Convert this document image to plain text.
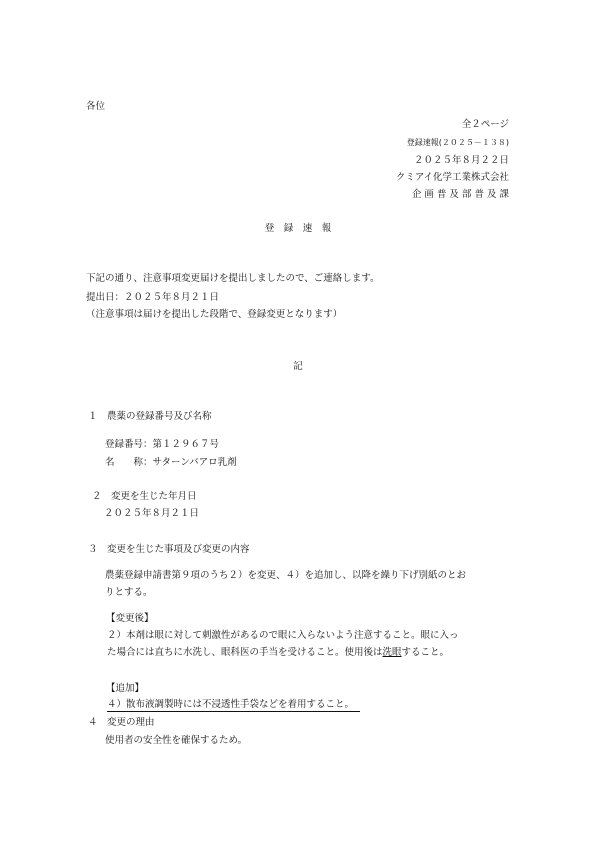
各位
全２ページ
登録速報(２０２５－１３８)
２０２５年８月２２日
クミアイ化学工業株式会社
企 画 普 及 部 普 及 課
登　録　速　報
下記の通り、注意事項変更届けを提出しましたので、ご連絡します。
提出日：２０２５年８月２１日
（注意事項は届けを提出した段階で、登録変更となります）
記
１　農薬の登録番号及び名称
登録番号：第１２９６７号
名　　称：サターンバアロ乳剤
２　変更を生じた年月日
２０２５年８月２１日
３　変更を生じた事項及び変更の内容
農薬登録申請書第９項のうち２）を変更、４）を追加し、以降を繰り下げ別紙のとお
りとする。
【変更後】
２）本剤は眼に対して刺激性があるので眼に入らないよう注意すること。眼に入っ
た場合には直ちに水洗し、眼科医の手当を受けること。使用後は洗眼すること。
【追加】
４）散布液調製時には不浸透性手袋などを着用すること。
４　変更の理由
使用者の安全性を確保するため。
